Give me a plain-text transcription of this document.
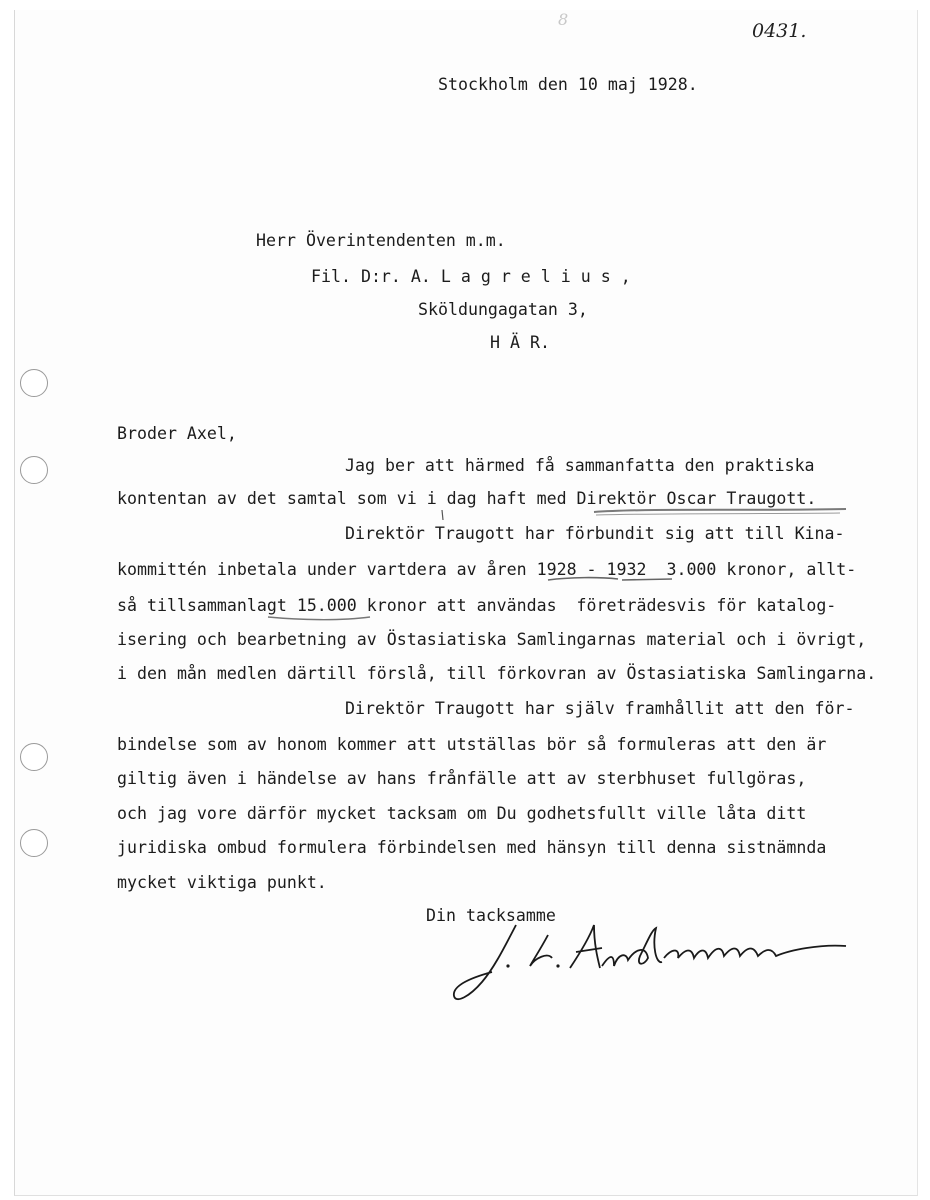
8
0431.
Stockholm den 10 maj 1928.
Herr Överintendenten m.m.
Fil. D:r. A. L a g r e l i u s ,
Sköldungagatan 3,
H Ä R.
Broder Axel,
Jag ber att härmed få sammanfatta den praktiska
kontentan av det samtal som vi i dag haft med Direktör Oscar Traugott.
Direktör Traugott har förbundit sig att till Kina-
kommittén inbetala under vartdera av åren 1928 - 1932  3.000 kronor, allt-
så tillsammanlagt 15.000 kronor att användas  företrädesvis för katalog-
isering och bearbetning av Östasiatiska Samlingarnas material och i övrigt,
i den mån medlen därtill förslå, till förkovran av Östasiatiska Samlingarna.
Direktör Traugott har själv framhållit att den för-
bindelse som av honom kommer att utställas bör så formuleras att den är
giltig även i händelse av hans frånfälle att av sterbhuset fullgöras,
och jag vore därför mycket tacksam om Du godhetsfullt ville låta ditt
juridiska ombud formulera förbindelsen med hänsyn till denna sistnämnda
mycket viktiga punkt.
Din tacksamme
